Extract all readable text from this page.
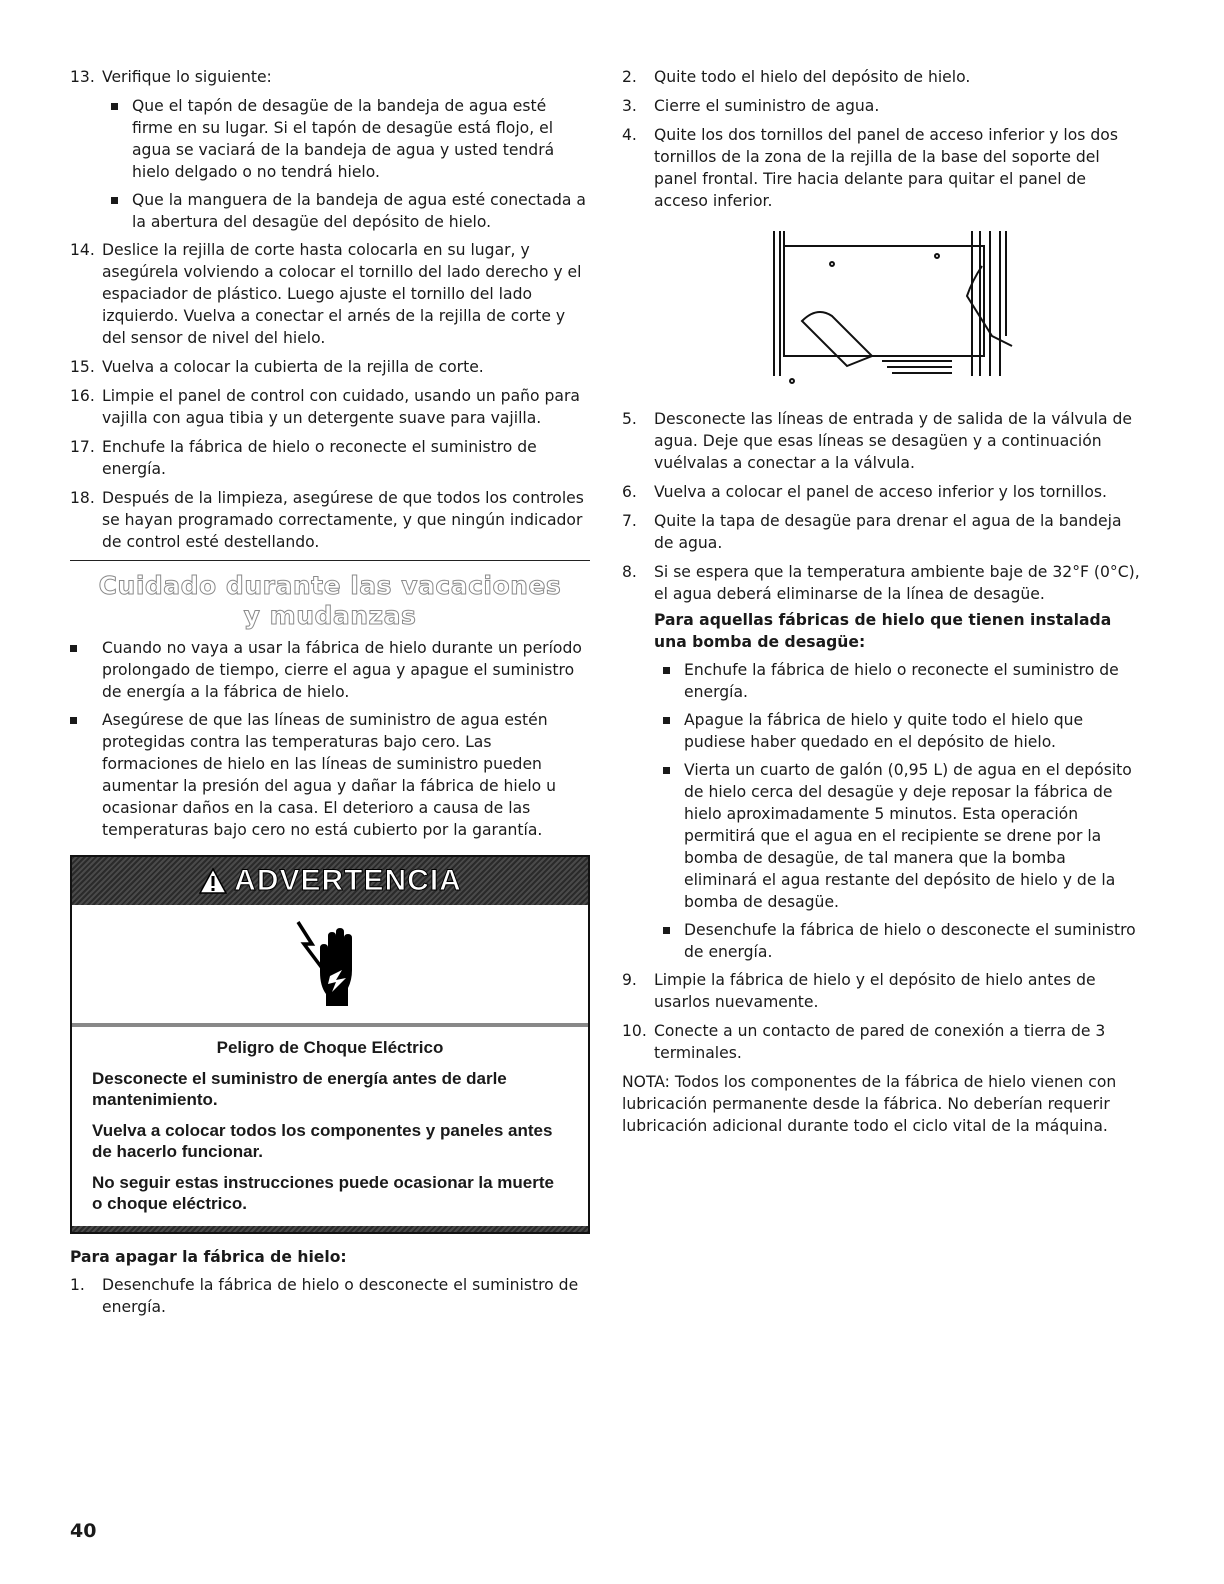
13. Verifique lo siguiente:
Que el tapón de desagüe de la bandeja de agua esté firme en su lugar. Si el tapón de desagüe está flojo, el agua se vaciará de la bandeja de agua y usted tendrá hielo delgado o no tendrá hielo.
Que la manguera de la bandeja de agua esté conectada a la abertura del desagüe del depósito de hielo.
14. Deslice la rejilla de corte hasta colocarla en su lugar, y asegúrela volviendo a colocar el tornillo del lado derecho y el espaciador de plástico. Luego ajuste el tornillo del lado izquierdo. Vuelva a conectar el arnés de la rejilla de corte y del sensor de nivel del hielo.
15. Vuelva a colocar la cubierta de la rejilla de corte.
16. Limpie el panel de control con cuidado, usando un paño para vajilla con agua tibia y un detergente suave para vajilla.
17. Enchufe la fábrica de hielo o reconecte el suministro de energía.
18. Después de la limpieza, asegúrese de que todos los controles se hayan programado correctamente, y que ningún indicador de control esté destellando.
Cuidado durante las vacaciones
y mudanzas
Cuando no vaya a usar la fábrica de hielo durante un período prolongado de tiempo, cierre el agua y apague el suministro de energía a la fábrica de hielo.
Asegúrese de que las líneas de suministro de agua estén protegidas contra las temperaturas bajo cero. Las formaciones de hielo en las líneas de suministro pueden aumentar la presión del agua y dañar la fábrica de hielo u ocasionar daños en la casa. El deterioro a causa de las temperaturas bajo cero no está cubierto por la garantía.
ADVERTENCIA

Peligro de Choque Eléctrico

Desconecte el suministro de energía antes de darle mantenimiento.

Vuelva a colocar todos los componentes y paneles antes de hacerlo funcionar.

No seguir estas instrucciones puede ocasionar la muerte o choque eléctrico.

Para apagar la fábrica de hielo:
1. Desenchufe la fábrica de hielo o desconecte el suministro de energía.
2. Quite todo el hielo del depósito de hielo.
3. Cierre el suministro de agua.
4. Quite los dos tornillos del panel de acceso inferior y los dos tornillos de la zona de la rejilla de la base del soporte del panel frontal. Tire hacia delante para quitar el panel de acceso inferior.
5. Desconecte las líneas de entrada y de salida de la válvula de agua. Deje que esas líneas se desagüen y a continuación vuélvalas a conectar a la válvula.
6. Vuelva a colocar el panel de acceso inferior y los tornillos.
7. Quite la tapa de desagüe para drenar el agua de la bandeja de agua.
8. Si se espera que la temperatura ambiente baje de 32°F (0°C), el agua deberá eliminarse de la línea de desagüe.
Para aquellas fábricas de hielo que tienen instalada una bomba de desagüe:
Enchufe la fábrica de hielo o reconecte el suministro de energía.
Apague la fábrica de hielo y quite todo el hielo que pudiese haber quedado en el depósito de hielo.
Vierta un cuarto de galón (0,95 L) de agua en el depósito de hielo cerca del desagüe y deje reposar la fábrica de hielo aproximadamente 5 minutos. Esta operación permitirá que el agua en el recipiente se drene por la bomba de desagüe, de tal manera que la bomba eliminará el agua restante del depósito de hielo y de la bomba de desagüe.
Desenchufe la fábrica de hielo o desconecte el suministro de energía.
9. Limpie la fábrica de hielo y el depósito de hielo antes de usarlos nuevamente.
10. Conecte a un contacto de pared de conexión a tierra de 3 terminales.
NOTA: Todos los componentes de la fábrica de hielo vienen con lubricación permanente desde la fábrica. No deberían requerir lubricación adicional durante todo el ciclo vital de la máquina.
40
